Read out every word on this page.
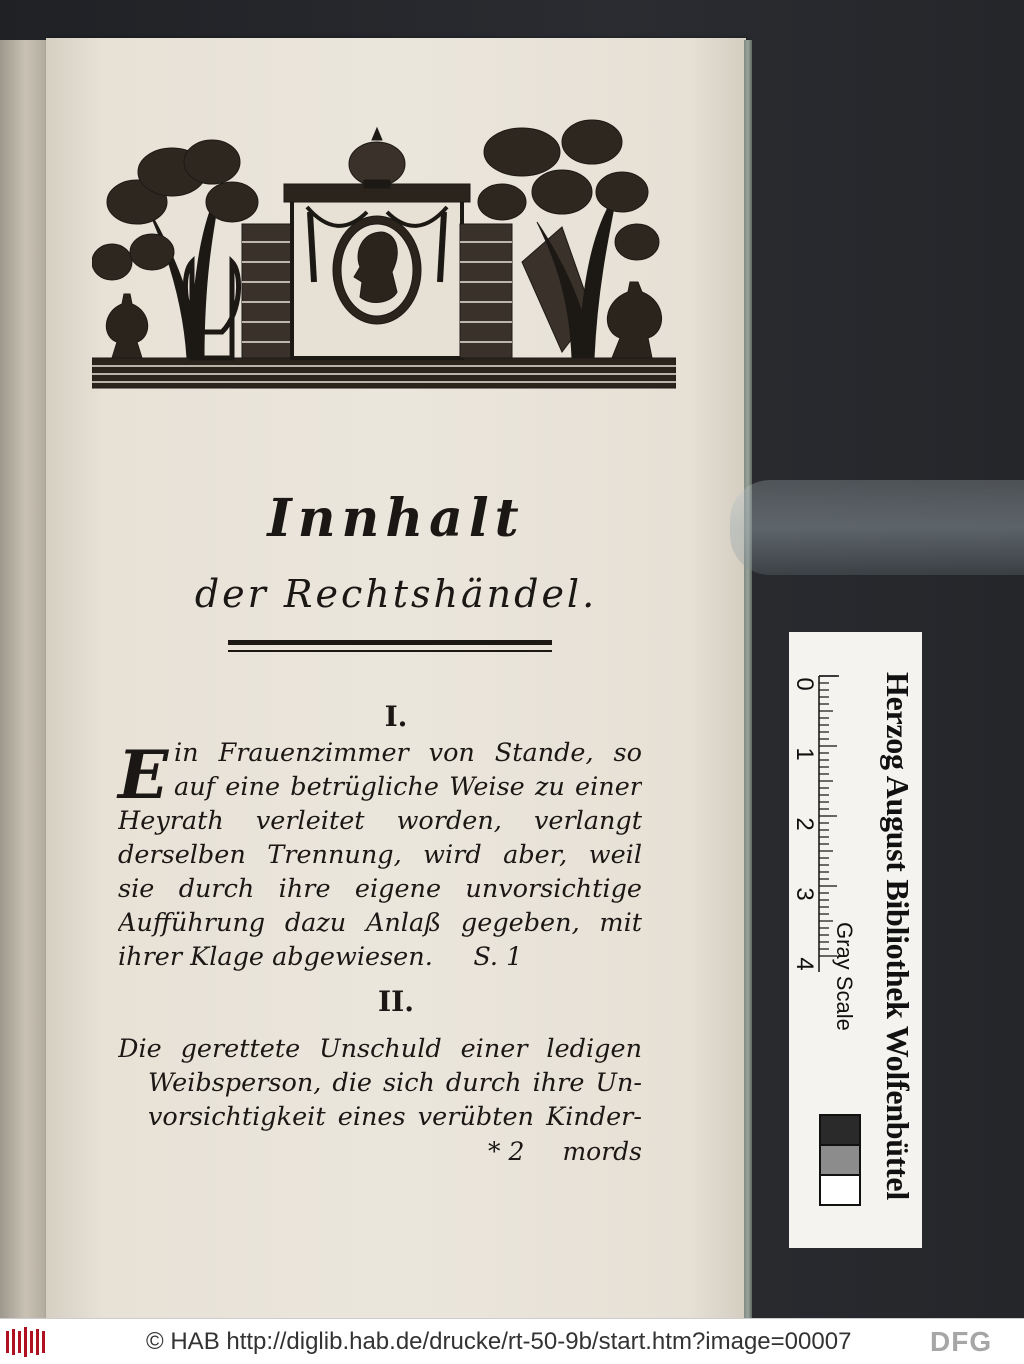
Innhalt
der Rechtshändel.
I.
E in Frauenzimmer von Stande, so
auf eine betrügliche Weise zu einer
Heyrath verleitet worden, verlangt
derselben Trennung, wird aber, weil
sie durch ihre eigene unvorsichtige
Aufführung dazu Anlaß gegeben, mit
ihrer Klage abgewiesen.     S. 1
II.
Die gerettete Unschuld einer ledigen
Weibsperson, die sich durch ihre Un-
vorsichtigkeit eines verübten Kinder-
* 2 mords
0
1
2
3
4 Herzog August Bibliothek Wolfenbüttel
Gray Scale
© HAB http://diglib.hab.de/drucke/rt-50-9b/start.htm?image=00007	DFG
